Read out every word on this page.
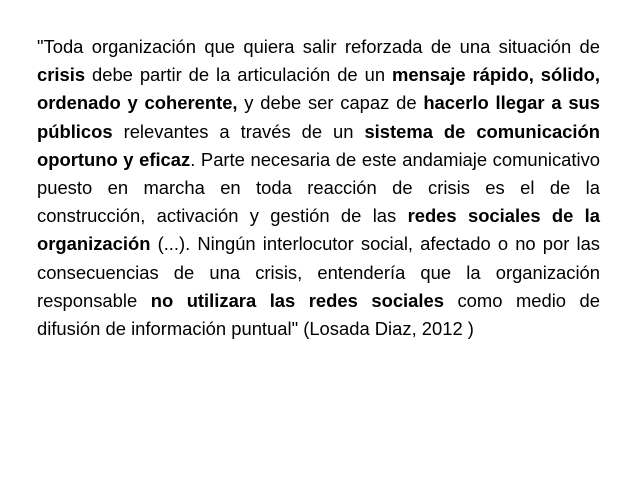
"Toda organización que quiera salir reforzada de una situación de crisis debe partir de la articulación de un mensaje rápido, sólido, ordenado y coherente, y debe ser capaz de hacerlo llegar a sus públicos relevantes a través de un sistema de comunicación oportuno y eficaz. Parte necesaria de este andamiaje comunicativo puesto en marcha en toda reacción de crisis es el de la construcción, activación y gestión de las redes sociales de la organización (...). Ningún interlocutor social, afectado o no por las consecuencias de una crisis, entendería que la organización responsable no utilizara las redes sociales como medio de difusión de información puntual" (Losada Diaz, 2012 )
